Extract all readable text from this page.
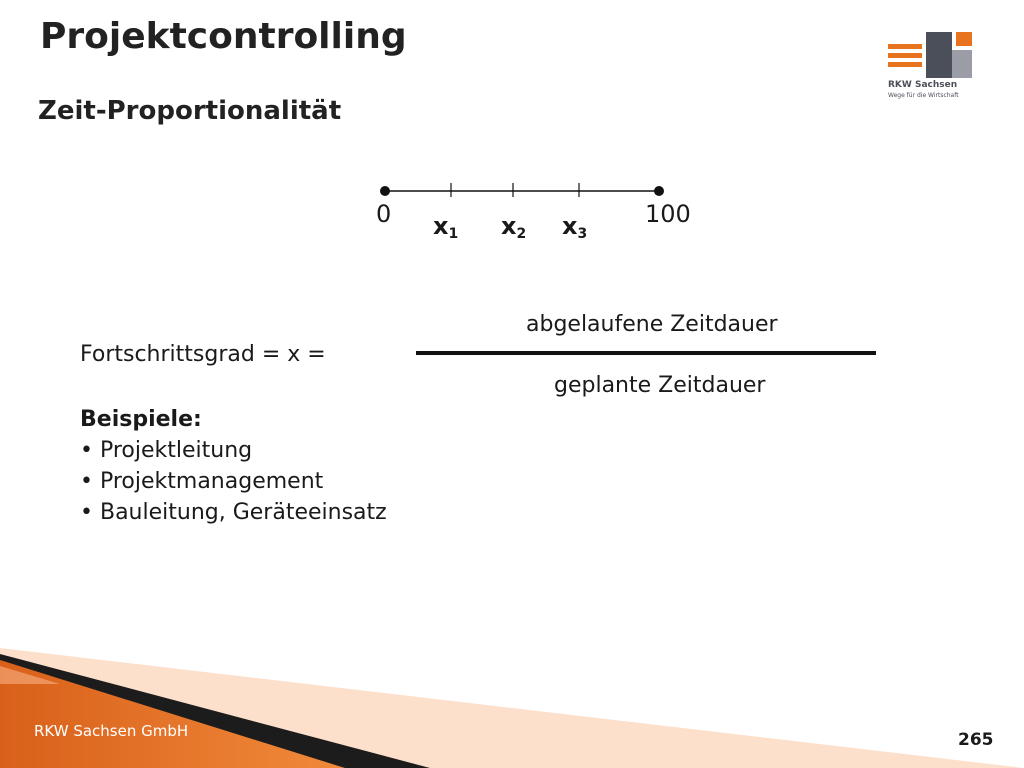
Projektcontrolling
Zeit-Proportionalität
RKW Sachsen
Wege für die Wirtschaft
0	100
$x_1$ $x_2$ $x_3$
Fortschrittsgrad = x =
abgelaufene Zeitdauer
geplante Zeitdauer
Beispiele:
• Projektleitung
• Projektmanagement
• Bauleitung, Geräteeinsatz
RKW Sachsen GmbH	265
